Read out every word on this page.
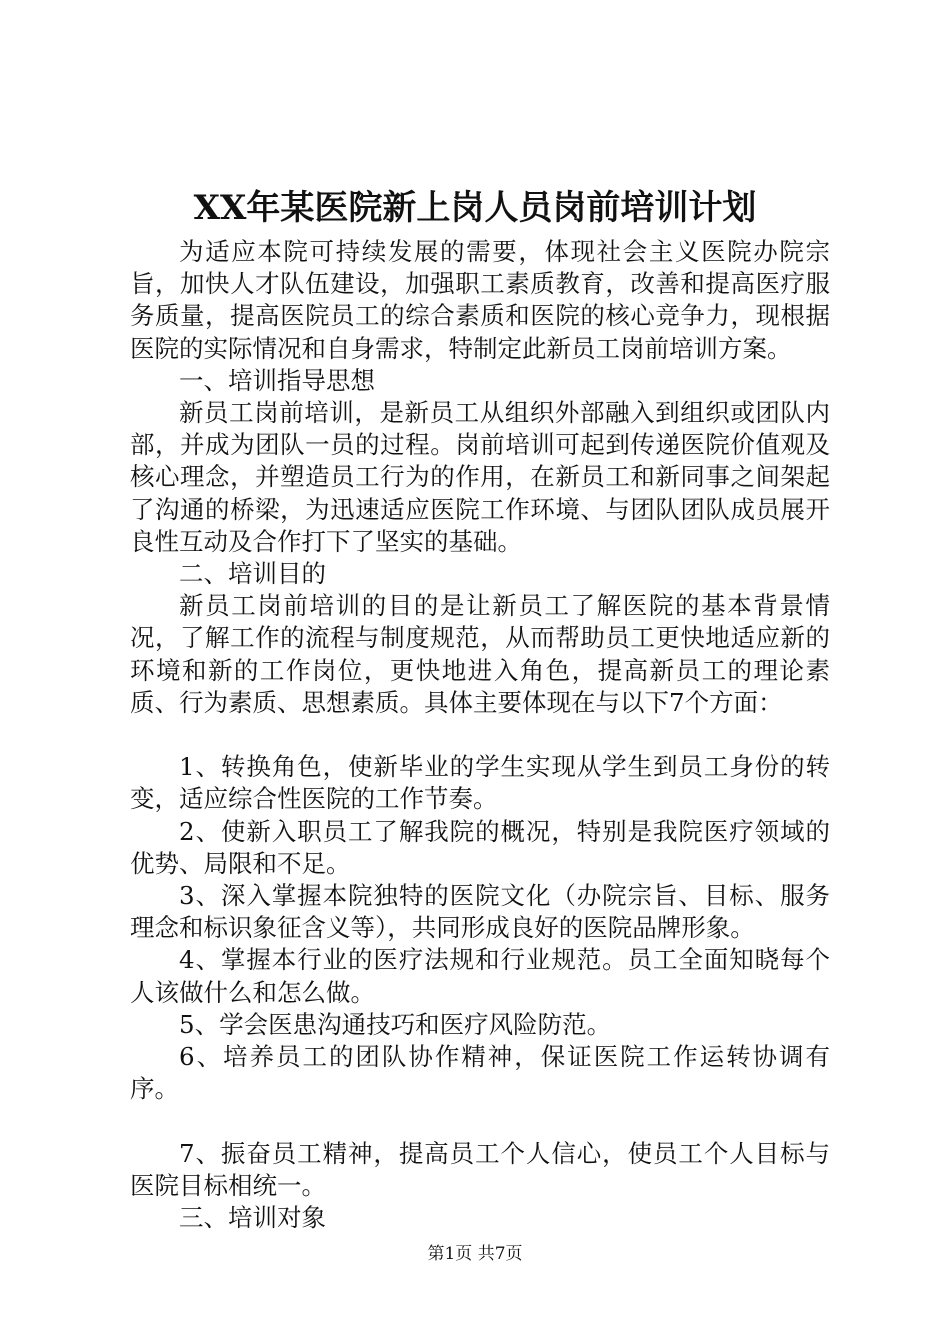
XX年某医院新上岗人员岗前培训计划

为适应本院可持续发展的需要，体现社会主义医院办院宗旨，加快人才队伍建设，加强职工素质教育，改善和提高医疗服务质量，提高医院员工的综合素质和医院的核心竞争力，现根据医院的实际情况和自身需求，特制定此新员工岗前培训方案。

一、培训指导思想

新员工岗前培训，是新员工从组织外部融入到组织或团队内部，并成为团队一员的过程。岗前培训可起到传递医院价值观及核心理念，并塑造员工行为的作用，在新员工和新同事之间架起了沟通的桥梁，为迅速适应医院工作环境、与团队团队成员展开良性互动及合作打下了坚实的基础。

二、培训目的

新员工岗前培训的目的是让新员工了解医院的基本背景情况，了解工作的流程与制度规范，从而帮助员工更快地适应新的环境和新的工作岗位，更快地进入角色，提高新员工的理论素质、行为素质、思想素质。具体主要体现在与以下7个方面：

1、转换角色，使新毕业的学生实现从学生到员工身份的转变，适应综合性医院的工作节奏。

2、使新入职员工了解我院的概况，特别是我院医疗领域的优势、局限和不足。

3、深入掌握本院独特的医院文化（办院宗旨、目标、服务理念和标识象征含义等），共同形成良好的医院品牌形象。

4、掌握本行业的医疗法规和行业规范。员工全面知晓每个人该做什么和怎么做。

5、学会医患沟通技巧和医疗风险防范。

6、培养员工的团队协作精神，保证医院工作运转协调有序。

7、振奋员工精神，提高员工个人信心，使员工个人目标与医院目标相统一。

三、培训对象

第1页 共7页
